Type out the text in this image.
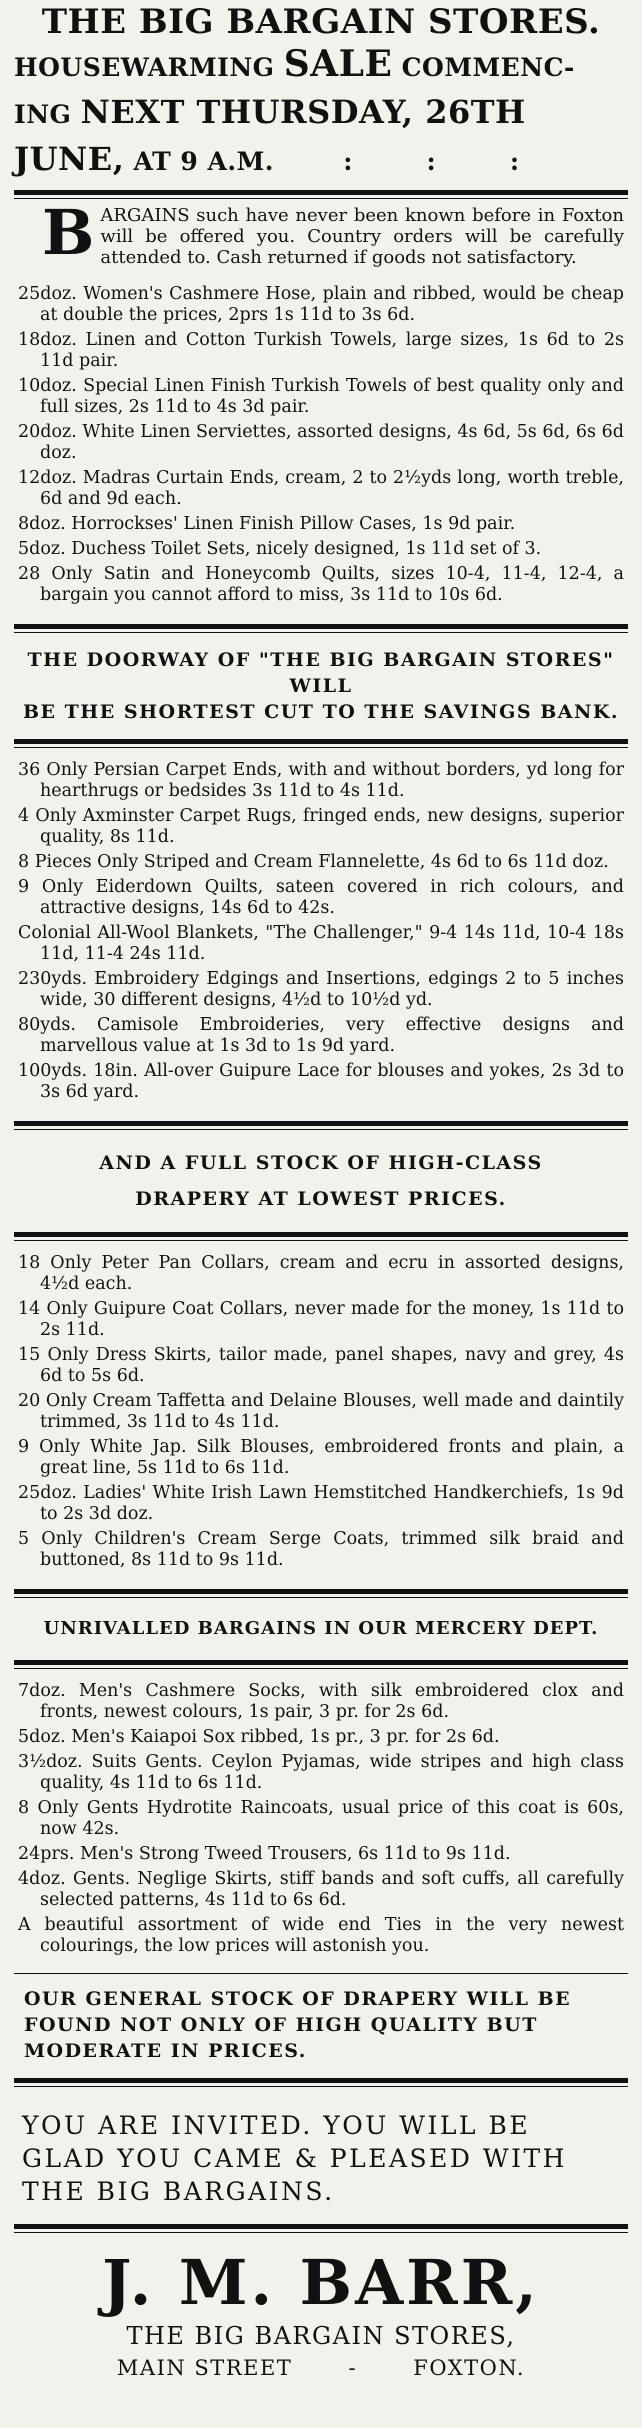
THE BIG BARGAIN STORES.
HOUSEWARMING SALE COMMENC-
ING NEXT THURSDAY, 26TH
JUNE, AT 9 A.M.	:        :        :
B ARGAINS such have never been known before in Foxton will be offered you. Country orders will be carefully attended to. Cash returned if goods not satisfactory.

25doz. Women's Cashmere Hose, plain and ribbed, would be cheap at double the prices, 2prs 1s 11d to 3s 6d.

18doz. Linen and Cotton Turkish Towels, large sizes, 1s 6d to 2s 11d pair.

10doz. Special Linen Finish Turkish Towels of best quality only and full sizes, 2s 11d to 4s 3d pair.

20doz. White Linen Serviettes, assorted designs, 4s 6d, 5s 6d, 6s 6d doz.

12doz. Madras Curtain Ends, cream, 2 to 2½yds long, worth treble, 6d and 9d each.

8doz. Horrockses' Linen Finish Pillow Cases, 1s 9d pair.

5doz. Duchess Toilet Sets, nicely designed, 1s 11d set of 3.

28 Only Satin and Honeycomb Quilts, sizes 10-4, 11-4, 12-4, a bargain you cannot afford to miss, 3s 11d to 10s 6d.

THE DOORWAY OF "THE BIG BARGAIN STORES" WILL
BE THE SHORTEST CUT TO THE SAVINGS BANK.

36 Only Persian Carpet Ends, with and without borders, yd long for hearthrugs or bedsides 3s 11d to 4s 11d.

4 Only Axminster Carpet Rugs, fringed ends, new designs, superior quality, 8s 11d.

8 Pieces Only Striped and Cream Flannelette, 4s 6d to 6s 11d doz.

9 Only Eiderdown Quilts, sateen covered in rich colours, and attractive designs, 14s 6d to 42s.

Colonial All-Wool Blankets, "The Challenger," 9-4 14s 11d, 10-4 18s 11d, 11-4 24s 11d.

230yds. Embroidery Edgings and Insertions, edgings 2 to 5 inches wide, 30 different designs, 4½d to 10½d yd.

80yds. Camisole Embroideries, very effective designs and marvellous value at 1s 3d to 1s 9d yard.

100yds. 18in. All-over Guipure Lace for blouses and yokes, 2s 3d to 3s 6d yard.

AND A FULL STOCK OF HIGH-CLASS
DRAPERY AT LOWEST PRICES.

18 Only Peter Pan Collars, cream and ecru in assorted designs, 4½d each.

14 Only Guipure Coat Collars, never made for the money, 1s 11d to 2s 11d.

15 Only Dress Skirts, tailor made, panel shapes, navy and grey, 4s 6d to 5s 6d.

20 Only Cream Taffetta and Delaine Blouses, well made and daintily trimmed, 3s 11d to 4s 11d.

9 Only White Jap. Silk Blouses, embroidered fronts and plain, a great line, 5s 11d to 6s 11d.

25doz. Ladies' White Irish Lawn Hemstitched Handkerchiefs, 1s 9d to 2s 3d doz.

5 Only Children's Cream Serge Coats, trimmed silk braid and buttoned, 8s 11d to 9s 11d.

UNRIVALLED BARGAINS IN OUR MERCERY DEPT.

7doz. Men's Cashmere Socks, with silk embroidered clox and fronts, newest colours, 1s pair, 3 pr. for 2s 6d.

5doz. Men's Kaiapoi Sox ribbed, 1s pr., 3 pr. for 2s 6d.

3½doz. Suits Gents. Ceylon Pyjamas, wide stripes and high class quality, 4s 11d to 6s 11d.

8 Only Gents Hydrotite Raincoats, usual price of this coat is 60s, now 42s.

24prs. Men's Strong Tweed Trousers, 6s 11d to 9s 11d.

4doz. Gents. Neglige Skirts, stiff bands and soft cuffs, all carefully selected patterns, 4s 11d to 6s 6d.

A beautiful assortment of wide end Ties in the very newest colourings, the low prices will astonish you.

OUR GENERAL STOCK OF DRAPERY WILL BE
FOUND NOT ONLY OF HIGH QUALITY BUT
MODERATE IN PRICES.
YOU ARE INVITED. YOU WILL BE
GLAD YOU CAME & PLEASED WITH
THE BIG BARGAINS.
J. M. BARR,
THE BIG BARGAIN STORES,
MAIN STREET	-	FOXTON.
